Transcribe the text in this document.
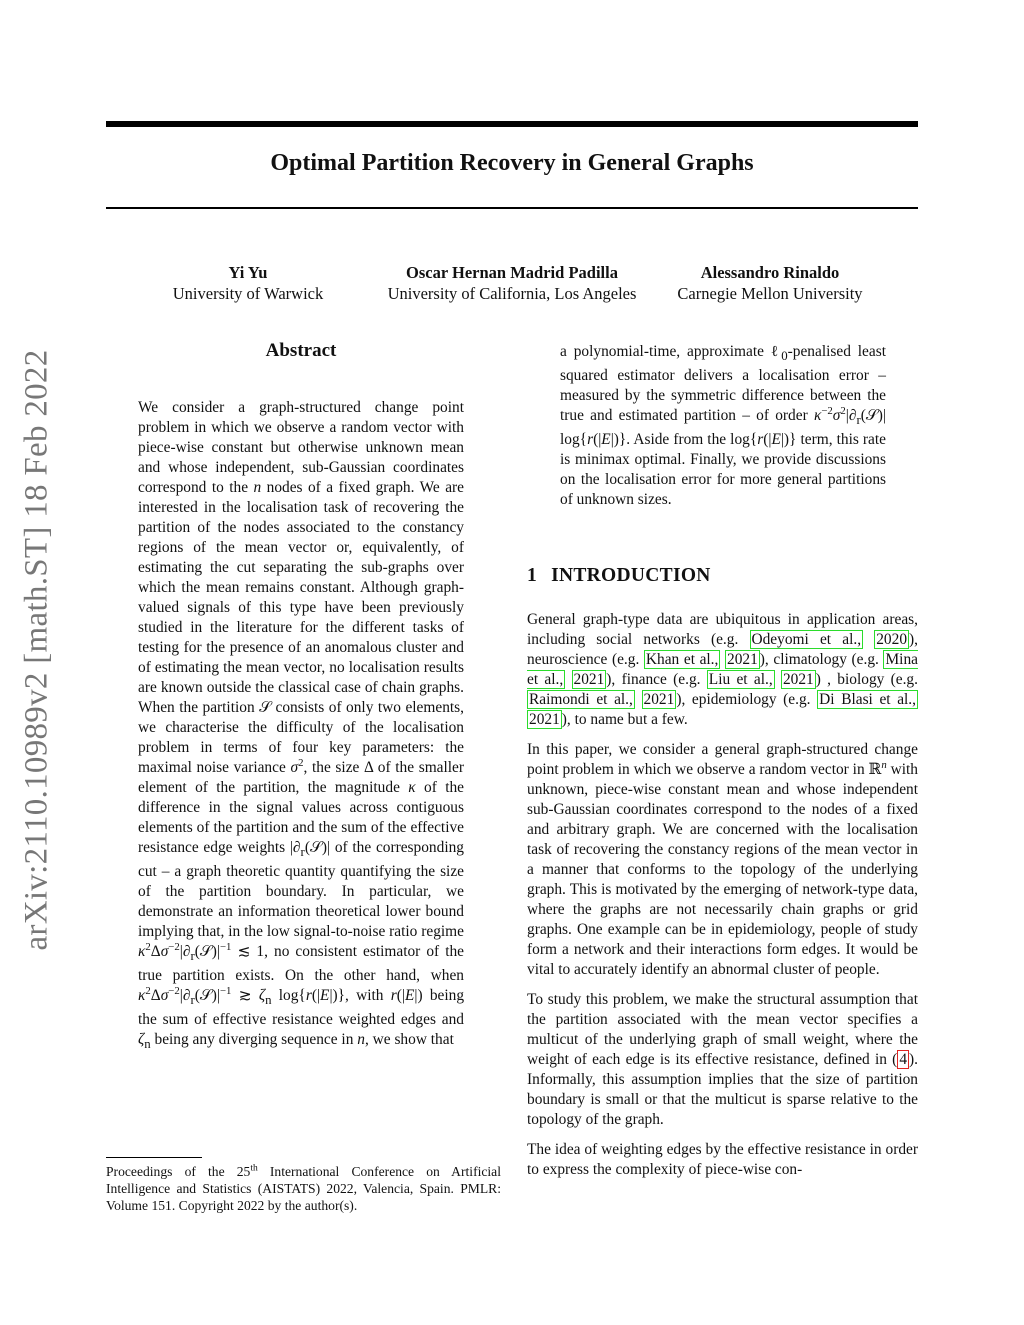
Optimal Partition Recovery in General Graphs
Yi Yu
University of Warwick
Oscar Hernan Madrid Padilla
University of California, Los Angeles
Alessandro Rinaldo
Carnegie Mellon University
arXiv:2110.10989v2 [math.ST] 18 Feb 2022	Abstract

We consider a graph-structured change point problem in which we observe a random vector with piece-wise constant but otherwise unknown mean and whose independent, sub-Gaussian coordinates correspond to the n nodes of a fixed graph. We are interested in the localisation task of recovering the partition of the nodes associated to the constancy regions of the mean vector or, equivalently, of estimating the cut separating the sub-graphs over which the mean remains constant. Although graph-valued signals of this type have been previously studied in the literature for the different tasks of testing for the presence of an anomalous cluster and of estimating the mean vector, no localisation results are known outside the classical case of chain graphs. When the partition 𝒮 consists of only two elements, we characterise the difficulty of the localisation problem in terms of four key parameters: the maximal noise variance $\sigma^2$, the size Δ of the smaller element of the partition, the magnitude κ of the difference in the signal values across contiguous elements of the partition and the sum of the effective resistance edge weights $|\partial_r(𝒮)|$ of the corresponding cut – a graph theoretic quantity quantifying the size of the partition boundary. In particular, we demonstrate an information theoretical lower bound implying that, in the low signal-to-noise ratio regime $\kappa^2\Delta\sigma^{-2}|\partial_r(𝒮)|^{-1}$ ≲ 1, no consistent estimator of the true partition exists. On the other hand, when $\kappa^2\Delta\sigma^{-2}|\partial_r(𝒮)|^{-1}$ ≳ $\zeta_n$ log{r(|E|)}, with r(|E|) being the sum of effective resistance weighted edges and $\zeta_n$ being any diverging sequence in n, we show that

a polynomial-time, approximate ℓ$_0$-penalised least squared estimator delivers a localisation error – measured by the symmetric difference between the true and estimated partition – of order $\kappa^{-2}\sigma^2|\partial_r(𝒮)|$ log{r(|E|)}. Aside from the log{r(|E|)} term, this rate is minimax optimal. Finally, we provide discussions on the localisation error for more general partitions of unknown sizes.

1 INTRODUCTION

General graph-type data are ubiquitous in application areas, including social networks (e.g. Odeyomi et al., 2020 ), neuroscience (e.g. Khan et al., 2021 ), climatology (e.g. Mina et al., 2021 ), finance (e.g. Liu et al., 2021 ) , biology (e.g. Raimondi et al., 2021 ), epidemiology (e.g. Di Blasi et al., 2021 ), to name but a few.

In this paper, we consider a general graph-structured change point problem in which we observe a random vector in ℝ$^n$ with unknown, piece-wise constant mean and whose independent sub-Gaussian coordinates correspond to the nodes of a fixed and arbitrary graph. We are concerned with the localisation task of recovering the constancy regions of the mean vector in a manner that conforms to the topology of the underlying graph. This is motivated by the emerging of network-type data, where the graphs are not necessarily chain graphs or grid graphs. One example can be in epidemiology, people of study form a network and their interactions form edges. It would be vital to accurately identify an abnormal cluster of people.

To study this problem, we make the structural assumption that the partition associated with the mean vector specifies a multicut of the underlying graph of small weight, where the weight of each edge is its effective resistance, defined in ( 4 ). Informally, this assumption implies that the size of partition boundary is small or that the multicut is sparse relative to the topology of the graph.

The idea of weighting edges by the effective resistance in order to express the complexity of piece-wise con-

Proceedings of the 25th International Conference on Artificial Intelligence and Statistics (AISTATS) 2022, Valencia, Spain. PMLR: Volume 151. Copyright 2022 by the author(s).
